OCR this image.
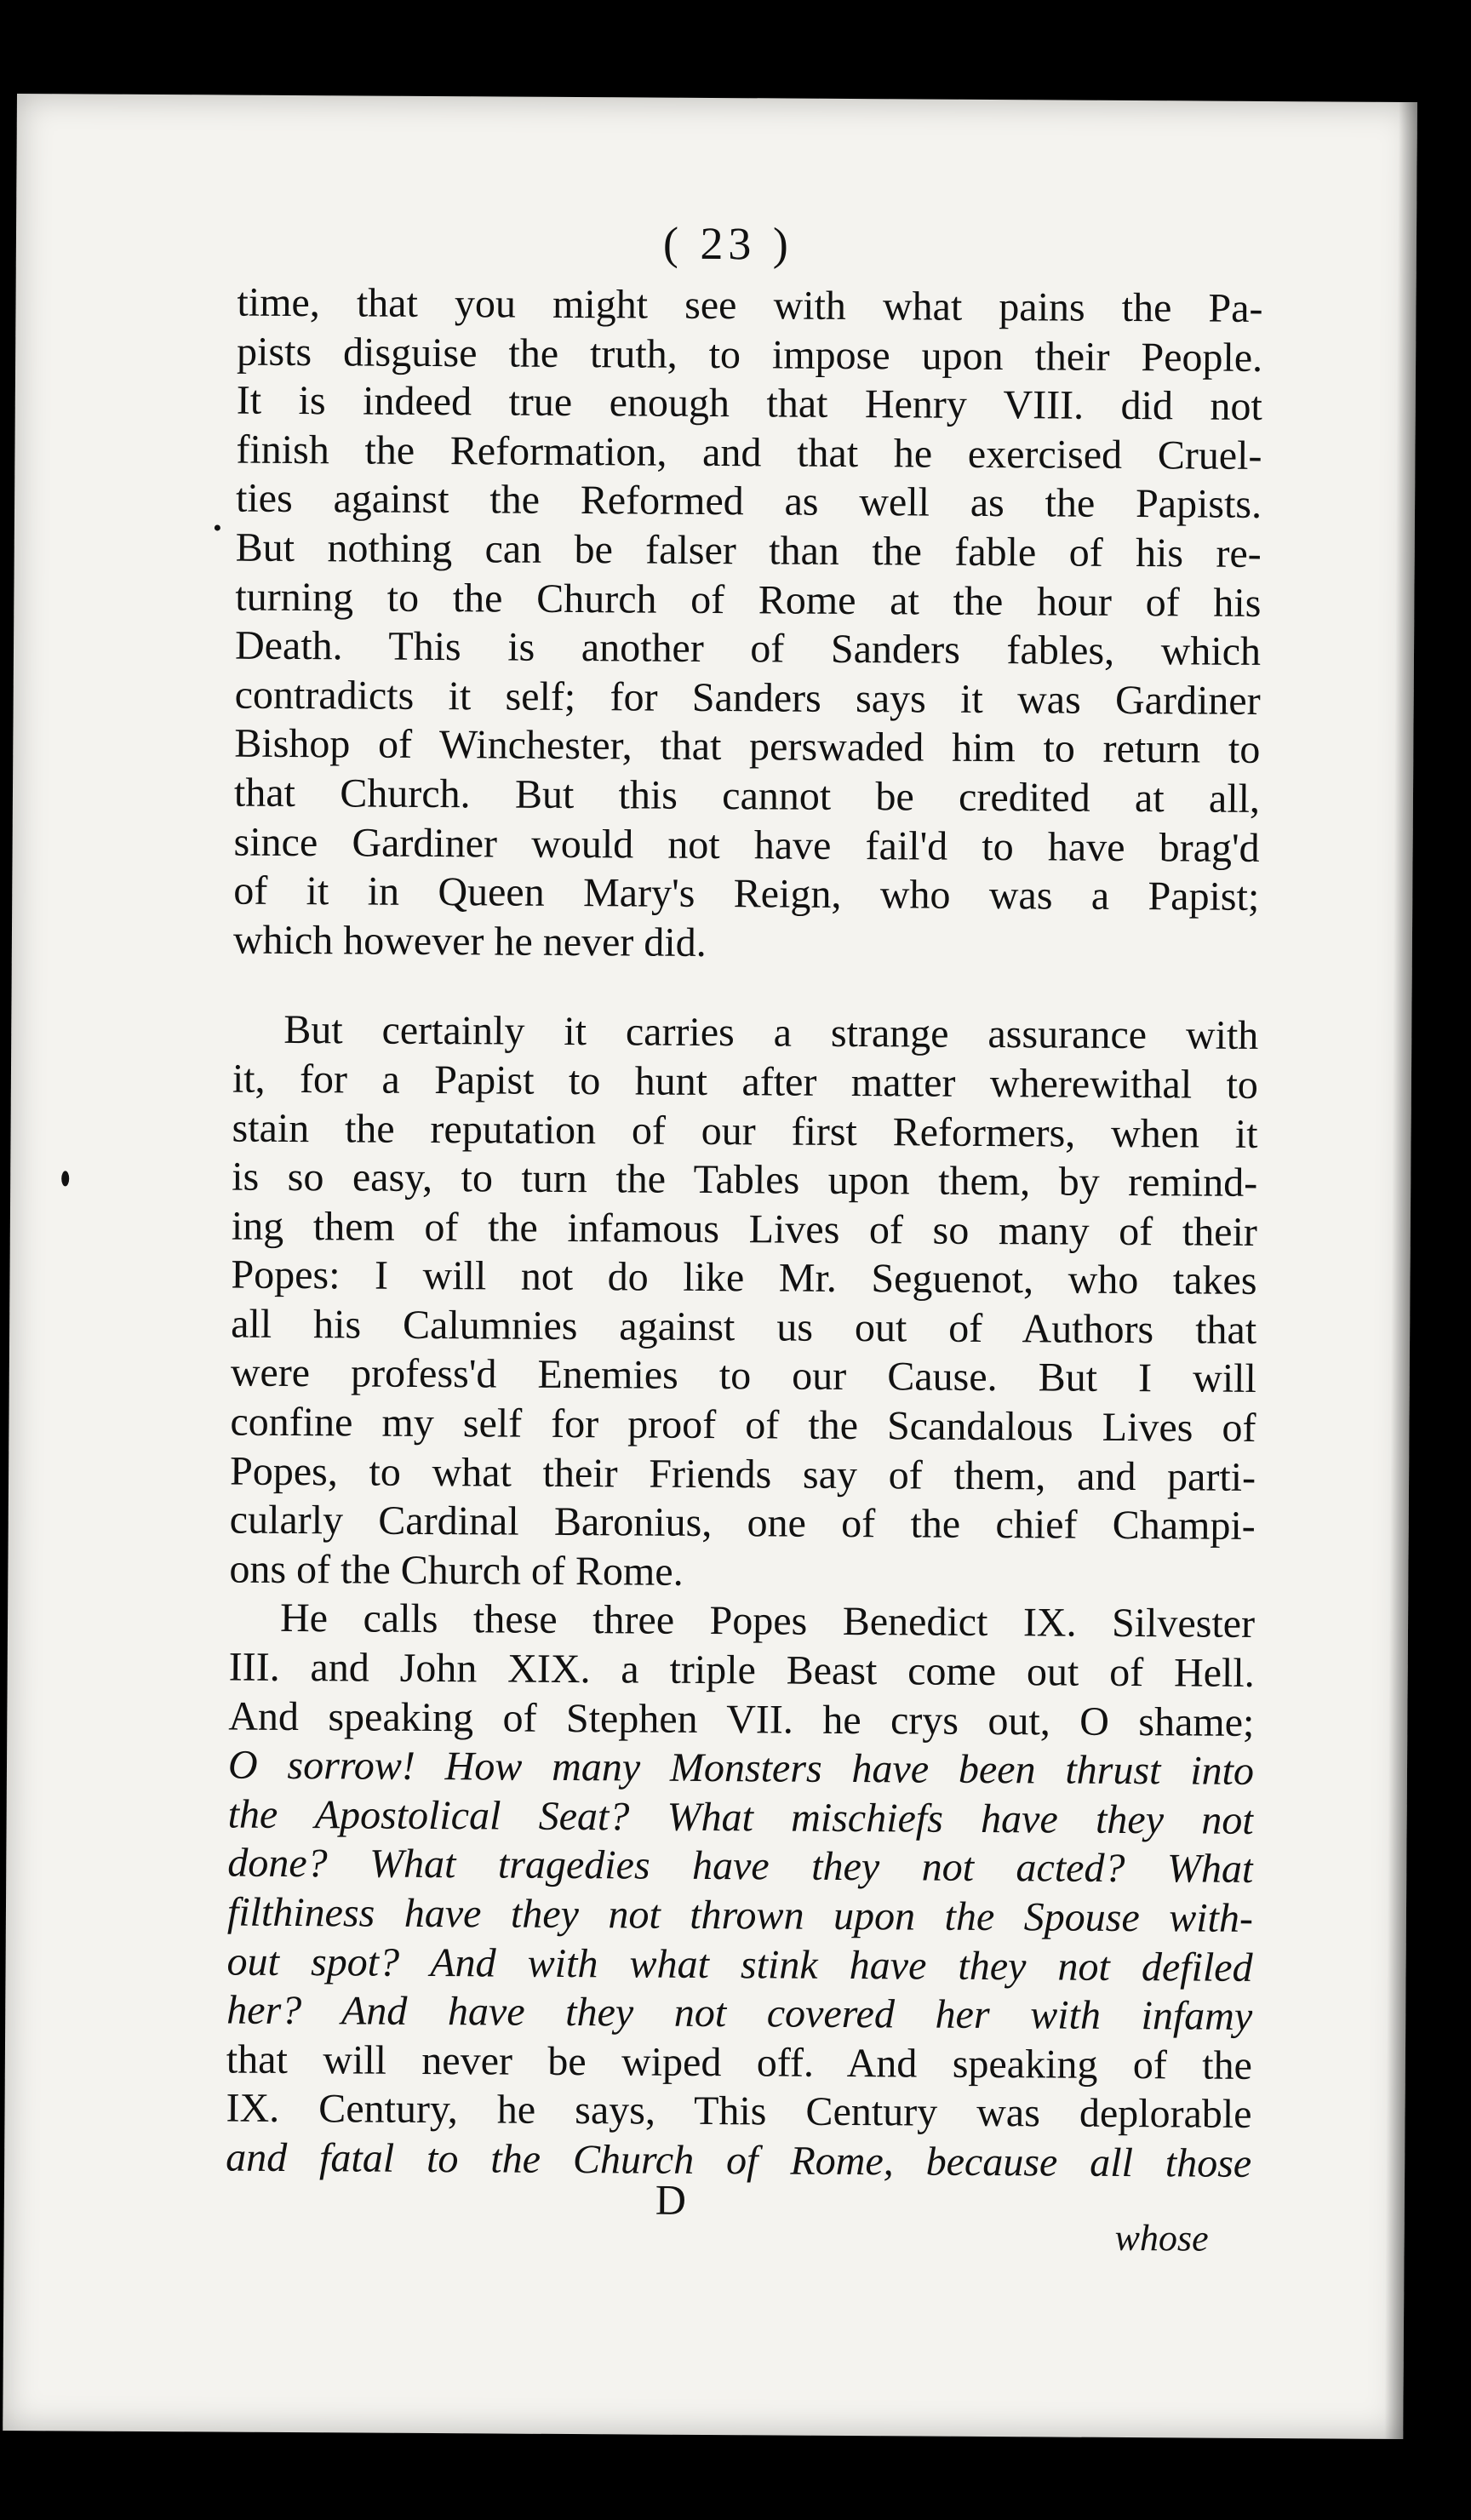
( 23 )
time, that you might see with what pains the Pa-
pists disguise the truth, to impose upon their People.
It is indeed true enough that Henry VIII. did not
finish the Reformation, and that he exercised Cruel-
ties against the Reformed as well as the Papists.
But nothing can be falser than the fable of his re-
turning to the Church of Rome at the hour of his
Death. This is another of Sanders fables, which
contradicts it self; for Sanders says it was Gardiner
Bishop of Winchester, that perswaded him to return to
that Church. But this cannot be credited at all,
since Gardiner would not have fail'd to have brag'd
of it in Queen Mary's Reign, who was a Papist;
which however he never did.
But certainly it carries a strange assurance with
it, for a Papist to hunt after matter wherewithal to
stain the reputation of our first Reformers, when it
is so easy, to turn the Tables upon them, by remind-
ing them of the infamous Lives of so many of their
Popes: I will not do like Mr. Seguenot, who takes
all his Calumnies against us out of Authors that
were profess'd Enemies to our Cause. But I will
confine my self for proof of the Scandalous Lives of
Popes, to what their Friends say of them, and parti-
cularly Cardinal Baronius, one of the chief Champi-
ons of the Church of Rome.
He calls these three Popes Benedict IX. Silvester
III. and John XIX. a triple Beast come out of Hell.
And speaking of Stephen VII. he crys out, O shame;
O sorrow! How many Monsters have been thrust into
the Apostolical Seat? What mischiefs have they not
done? What tragedies have they not acted? What
filthiness have they not thrown upon the Spouse with-
out spot? And with what stink have they not defiled
her? And have they not covered her with infamy
that will never be wiped off. And speaking of the
IX. Century, he says, This Century was deplorable
and fatal to the Church of Rome, because all those
D
whose
